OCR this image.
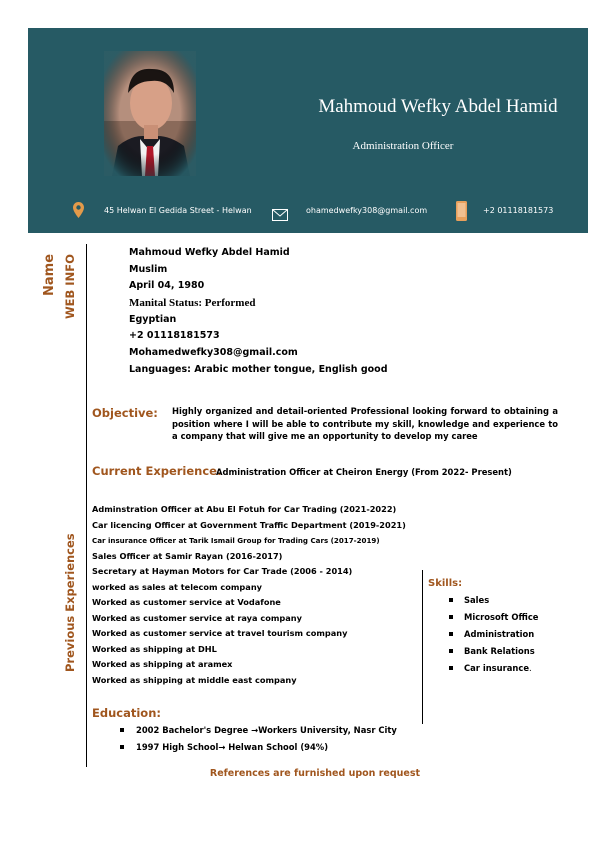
Mahmoud Wefky Abdel Hamid
Administration Officer
45 Helwan El Gedida Street - Helwan	ohamedwefky308@gmail.com	+2 01118181573
Name WEB INFO
Previous Experiences
Mahmoud Wefky Abdel Hamid
Muslim
April 04, 1980
Manital Status: Performed
Egyptian
+2 01118181573
Mohamedwefky308@gmail.com
Languages: Arabic mother tongue, English good
Objective: Highly organized and detail-oriented Professional looking forward to obtaining a position where I will be able to contribute my skill, knowledge and experience to a company that will give me an opportunity to develop my caree
Current Experience:
Administration Officer at Cheiron Energy (From 2022- Present)
Adminstration Officer at Abu El Fotuh for Car Trading (2021-2022)
Car licencing Officer at Government Traffic Department (2019-2021)
Car insurance Officer at Tarik Ismail Group for Trading Cars (2017-2019)
Sales Officer at Samir Rayan (2016-2017)
Secretary at Hayman Motors for Car Trade (2006 - 2014)
worked as sales at telecom company
Worked as customer service at Vodafone
Worked as customer service at raya company
Worked as customer service at travel tourism company
Worked as shipping at DHL
Worked as shipping at aramex
Worked as shipping at middle east company
Skills:
Sales
Microsoft Office
Administration
Bank Relations
Car insurance.
Education:
2002 Bachelor's Degree →Workers University, Nasr City
1997 High School→ Helwan School (94%)
References are furnished upon request
